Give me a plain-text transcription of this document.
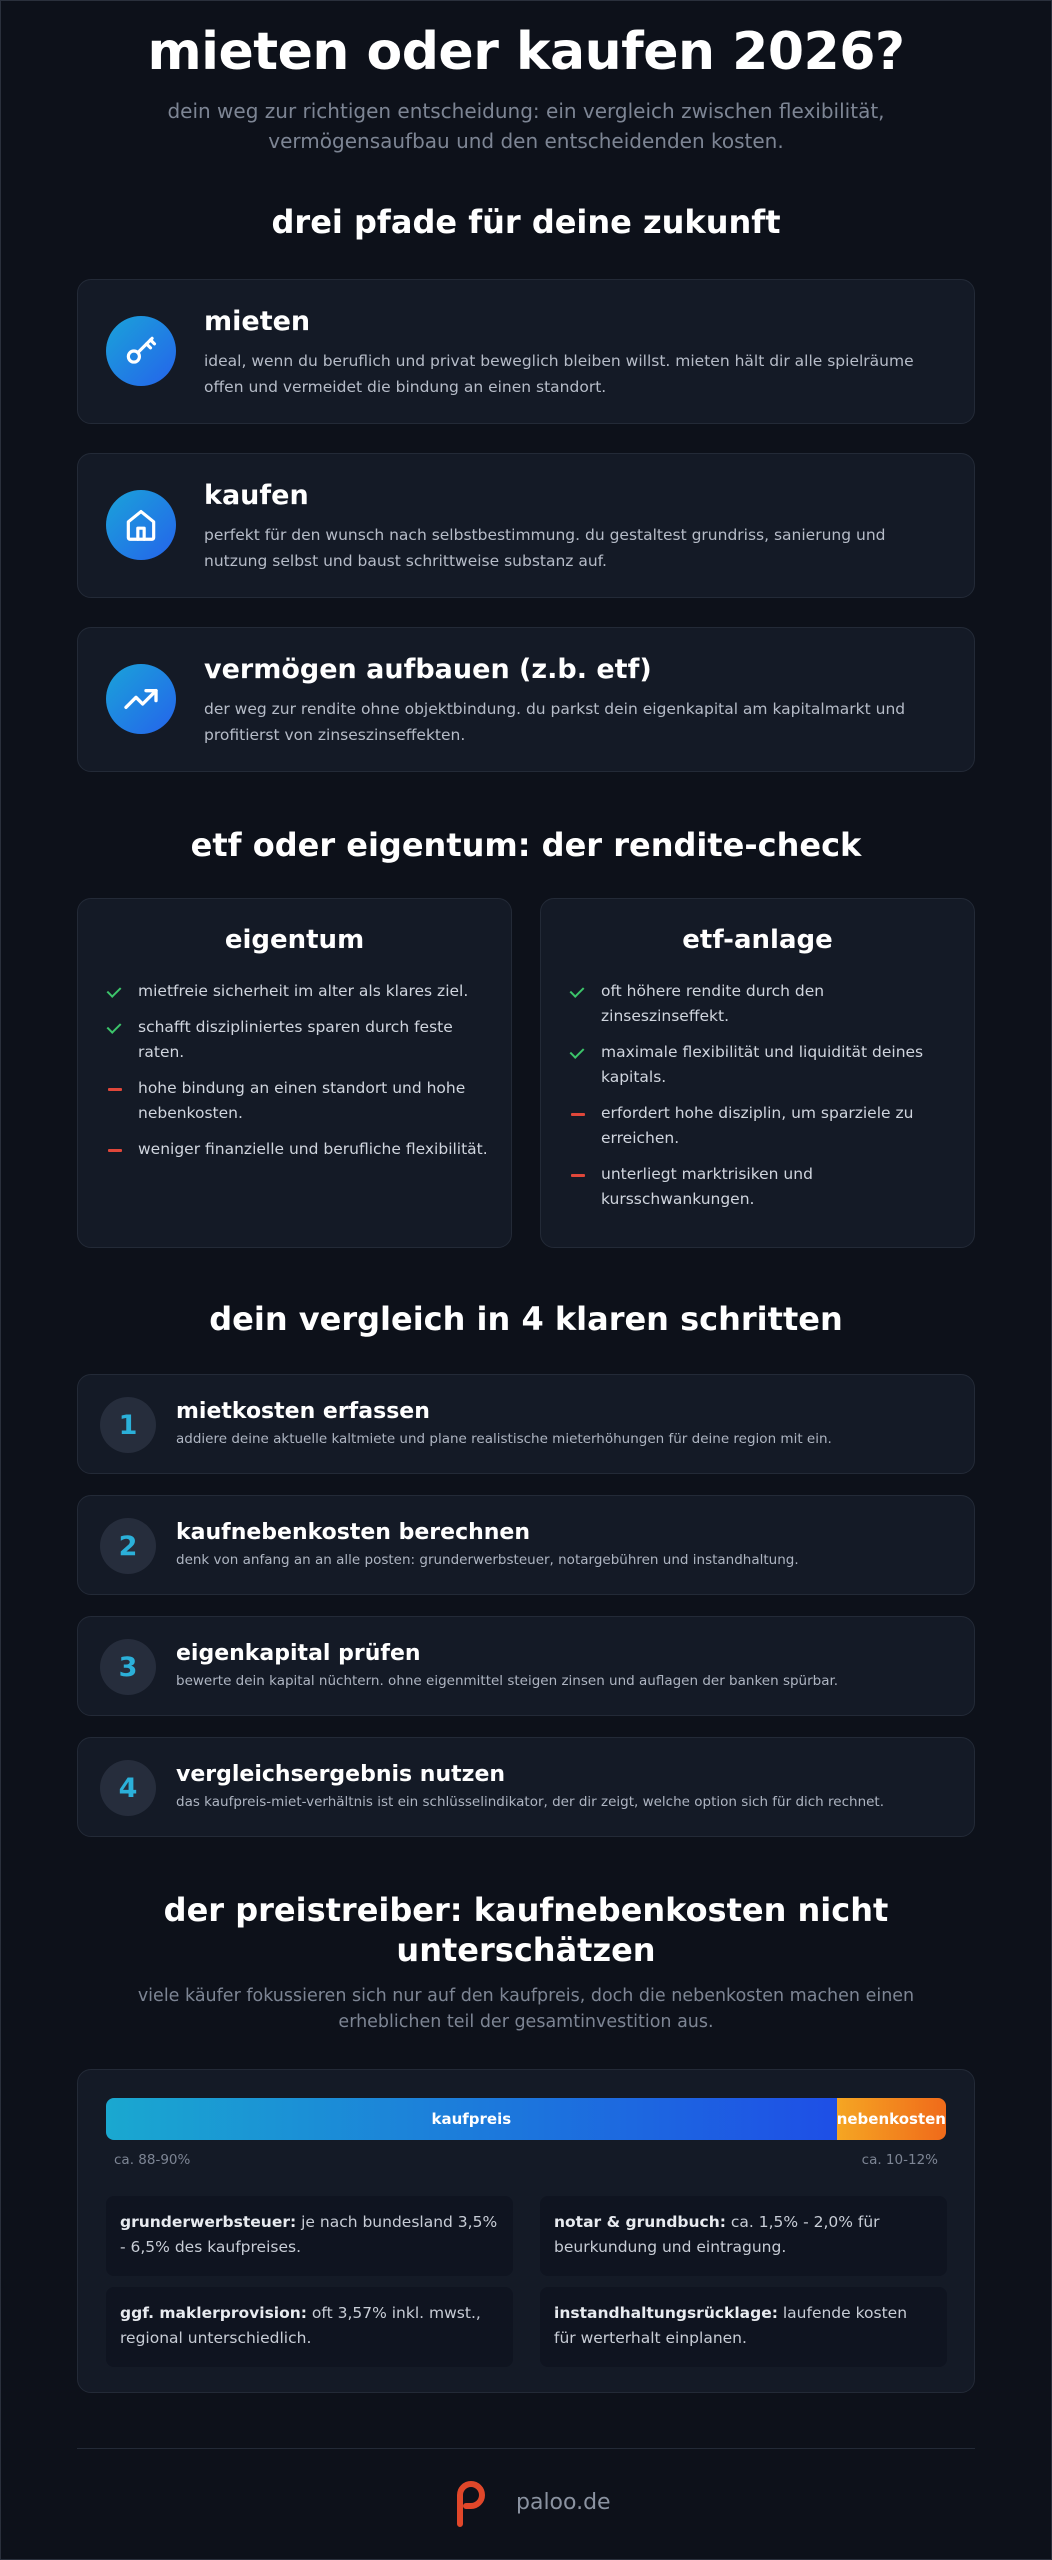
mieten oder kaufen 2026?
dein weg zur richtigen entscheidung: ein vergleich zwischen flexibilität, vermögensaufbau und den entscheidenden kosten.
drei pfade für deine zukunft
mieten
ideal, wenn du beruflich und privat beweglich bleiben willst. mieten hält dir alle spielräume offen und vermeidet die bindung an einen standort.
kaufen
perfekt für den wunsch nach selbstbestimmung. du gestaltest grundriss, sanierung und nutzung selbst und baust schrittweise substanz auf.
vermögen aufbauen (z.b. etf)
der weg zur rendite ohne objektbindung. du parkst dein eigenkapital am kapitalmarkt und profitierst von zinseszinseffekten.
etf oder eigentum: der rendite-check
eigentum
mietfreie sicherheit im alter als klares ziel.
schafft diszipliniertes sparen durch feste raten.
hohe bindung an einen standort und hohe nebenkosten.
weniger finanzielle und berufliche flexibilität.
etf-anlage
oft höhere rendite durch den zinseszinseffekt.
maximale flexibilität und liquidität deines kapitals.
erfordert hohe disziplin, um sparziele zu erreichen.
unterliegt marktrisiken und kursschwankungen.
dein vergleich in 4 klaren schritten
1	mietkosten erfassen
addiere deine aktuelle kaltmiete und plane realistische mieterhöhungen für deine region mit ein.
2	kaufnebenkosten berechnen
denk von anfang an an alle posten: grunderwerbsteuer, notargebühren und instandhaltung.
3	eigenkapital prüfen
bewerte dein kapital nüchtern. ohne eigenmittel steigen zinsen und auflagen der banken spürbar.
4	vergleichsergebnis nutzen
das kaufpreis-miet-verhältnis ist ein schlüsselindikator, der dir zeigt, welche option sich für dich rechnet.
der preistreiber: kaufnebenkosten nicht unterschätzen
viele käufer fokussieren sich nur auf den kaufpreis, doch die nebenkosten machen einen erheblichen teil der gesamtinvestition aus.
kaufpreis	nebenkosten
ca. 88-90%	ca. 10-12%
grunderwerbsteuer: je nach bundesland 3,5% - 6,5% des kaufpreises.
notar & grundbuch: ca. 1,5% - 2,0% für beurkundung und eintragung.
ggf. maklerprovision: oft 3,57% inkl. mwst., regional unterschiedlich.
instandhaltungsrücklage: laufende kosten für werterhalt einplanen.
paloo.de
